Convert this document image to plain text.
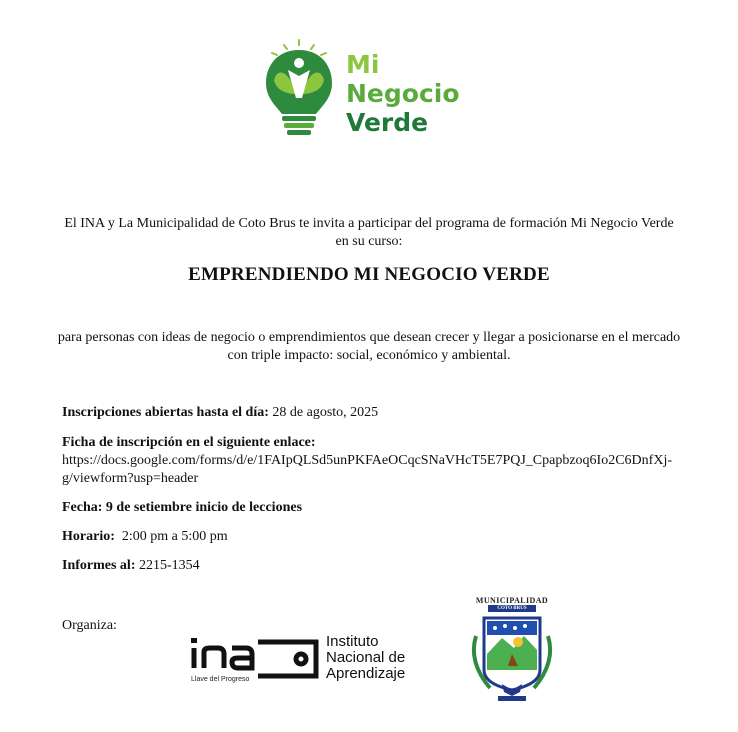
Mi
Negocio
Verde
El INA y La Municipalidad de Coto Brus te invita a participar del programa de formación Mi Negocio Verde en su curso:
EMPRENDIENDO MI NEGOCIO VERDE
para personas con ideas de negocio o emprendimientos que desean crecer y llegar a posicionarse en el mercado con triple impacto: social, económico y ambiental.
Inscripciones abiertas hasta el día: 28 de agosto, 2025
Ficha de inscripción en el siguiente enlace:
https://docs.google.com/forms/d/e/1FAIpQLSd5unPKFAeOCqcSNaVHcT5E7PQJ_Cpapbzoq6Io2C6DnfXj-g/viewform?usp=header
Fecha: 9 de setiembre inicio de lecciones
Horario: 2:00 pm a 5:00 pm
Informes al: 2215-1354
Organiza:
Instituto
Nacional de
Aprendizaje
Llave del Progreso
MUNICIPALIDAD
COTO BRUS
